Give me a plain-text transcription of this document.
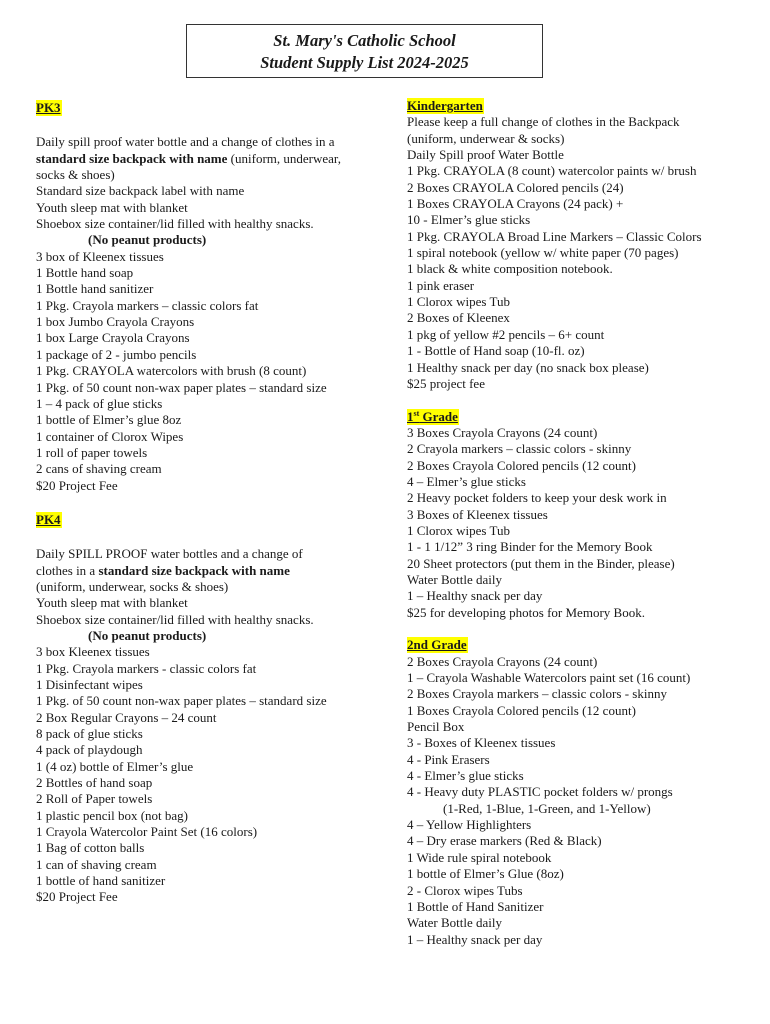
St. Mary's Catholic School
Student Supply List 2024-2025
PK3
Daily spill proof water bottle and a change of clothes in a
standard size backpack with name (uniform, underwear,
socks & shoes)
Standard size backpack label with name
Youth sleep mat with blanket
Shoebox size container/lid filled with healthy snacks.
(No peanut products)
3 box of Kleenex tissues
1 Bottle hand soap
1 Bottle hand sanitizer
1 Pkg. Crayola markers – classic colors fat
1 box Jumbo Crayola Crayons
1 box Large Crayola Crayons
1 package of 2 - jumbo pencils
1 Pkg. CRAYOLA watercolors with brush (8 count)
1 Pkg. of 50 count non-wax paper plates – standard size
1 – 4 pack of glue sticks
1 bottle of Elmer’s glue 8oz
1 container of Clorox Wipes
1 roll of paper towels
2 cans of shaving cream
$20 Project Fee
PK4
Daily SPILL PROOF water bottles and a change of
clothes in a standard size backpack with name
(uniform, underwear, socks & shoes)
Youth sleep mat with blanket
Shoebox size container/lid filled with healthy snacks.
(No peanut products)
3 box Kleenex tissues
1 Pkg. Crayola markers - classic colors fat
1 Disinfectant wipes
1 Pkg. of 50 count non-wax paper plates – standard size
2 Box Regular Crayons – 24 count
8 pack of glue sticks
4 pack of playdough
1 (4 oz) bottle of Elmer’s glue
2 Bottles of hand soap
2 Roll of Paper towels
1 plastic pencil box (not bag)
1 Crayola Watercolor Paint Set (16 colors)
1 Bag of cotton balls
1 can of shaving cream
1 bottle of hand sanitizer
$20 Project Fee
Kindergarten
Please keep a full change of clothes in the Backpack
(uniform, underwear & socks)
Daily Spill proof Water Bottle
1 Pkg. CRAYOLA (8 count) watercolor paints w/ brush
2 Boxes CRAYOLA Colored pencils (24)
1 Boxes CRAYOLA Crayons (24 pack) +
10 - Elmer’s glue sticks
1 Pkg. CRAYOLA Broad Line Markers – Classic Colors
1 spiral notebook (yellow w/ white paper (70 pages)
1 black & white composition notebook.
1 pink eraser
1 Clorox wipes Tub
2 Boxes of Kleenex
1 pkg of yellow #2 pencils – 6+ count
1 - Bottle of Hand soap (10-fl. oz)
1 Healthy snack per day (no snack box please)
$25 project fee
1st Grade
3 Boxes Crayola Crayons (24 count)
2 Crayola markers – classic colors - skinny
2 Boxes Crayola Colored pencils (12 count)
4 – Elmer’s glue sticks
2 Heavy pocket folders to keep your desk work in
3 Boxes of Kleenex tissues
1 Clorox wipes Tub
1 - 1 1/12” 3 ring Binder for the Memory Book
20 Sheet protectors (put them in the Binder, please)
Water Bottle daily
1 – Healthy snack per day
$25 for developing photos for Memory Book.
2nd Grade
2 Boxes Crayola Crayons (24 count)
1 – Crayola Washable Watercolors paint set (16 count)
2 Boxes Crayola markers – classic colors - skinny
1 Boxes Crayola Colored pencils (12 count)
Pencil Box
3 - Boxes of Kleenex tissues
4 - Pink Erasers
4 - Elmer’s glue sticks
4 - Heavy duty PLASTIC pocket folders w/ prongs
(1-Red, 1-Blue, 1-Green, and 1-Yellow)
4 – Yellow Highlighters
4 – Dry erase markers (Red & Black)
1 Wide rule spiral notebook
1 bottle of Elmer’s Glue (8oz)
2 - Clorox wipes Tubs
1 Bottle of Hand Sanitizer
Water Bottle daily
1 – Healthy snack per day
